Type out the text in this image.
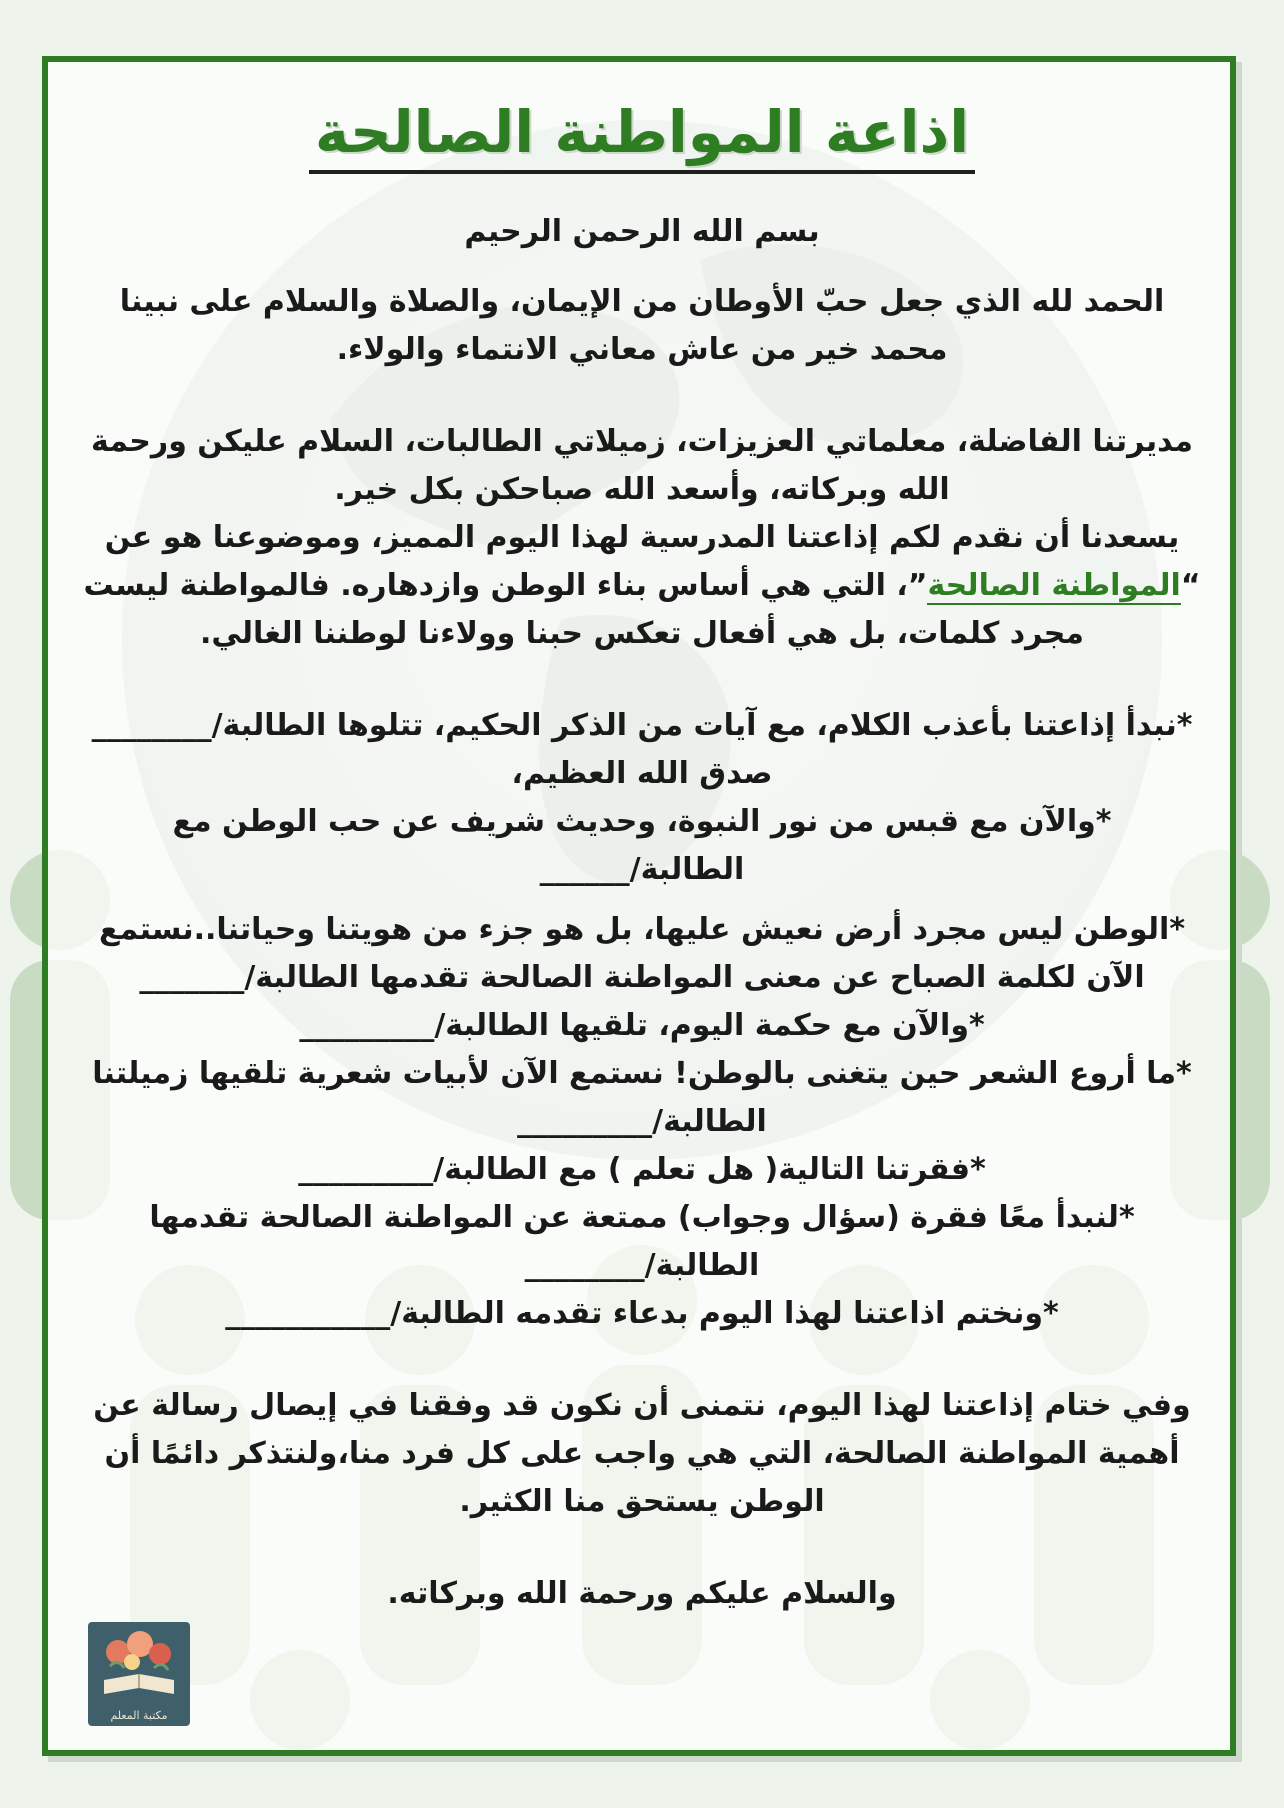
اذاعة المواطنة الصالحة

بسم الله الرحمن الرحيم

الحمد لله الذي جعل حبّ الأوطان من الإيمان، والصلاة والسلام على نبينا محمد خير من عاش معاني الانتماء والولاء.

مديرتنا الفاضلة، معلماتي العزيزات، زميلاتي الطالبات، السلام عليكن ورحمة الله وبركاته، وأسعد الله صباحكن بكل خير.

يسعدنا أن نقدم لكم إذاعتنا المدرسية لهذا اليوم المميز، وموضوعنا هو عن “المواطنة الصالحة”، التي هي أساس بناء الوطن وازدهاره. فالمواطنة ليست مجرد كلمات، بل هي أفعال تعكس حبنا وولاءنا لوطننا الغالي.

*نبدأ إذاعتنا بأعذب الكلام، مع آيات من الذكر الحكيم، تتلوها الطالبة/________

صدق الله العظيم،

*والآن مع قبس من نور النبوة، وحديث شريف عن حب الوطن مع الطالبة/______

*الوطن ليس مجرد أرض نعيش عليها، بل هو جزء من هويتنا وحياتنا..نستمع الآن لكلمة الصباح عن معنى المواطنة الصالحة تقدمها الطالبة/_______

*والآن مع حكمة اليوم، تلقيها الطالبة/_________

*ما أروع الشعر حين يتغنى بالوطن! نستمع الآن لأبيات شعرية تلقيها زميلتنا الطالبة/_________

*فقرتنا التالية( هل تعلم ) مع الطالبة/_________

*لنبدأ معًا فقرة (سؤال وجواب) ممتعة عن المواطنة الصالحة تقدمها الطالبة/________

*ونختم اذاعتنا لهذا اليوم بدعاء تقدمه الطالبة/___________

وفي ختام إذاعتنا لهذا اليوم، نتمنى أن نكون قد وفقنا في إيصال رسالة عن أهمية المواطنة الصالحة، التي هي واجب على كل فرد منا،ولنتذكر دائمًا أن الوطن يستحق منا الكثير.

والسلام عليكم ورحمة الله وبركاته.

مكتبة المعلم
